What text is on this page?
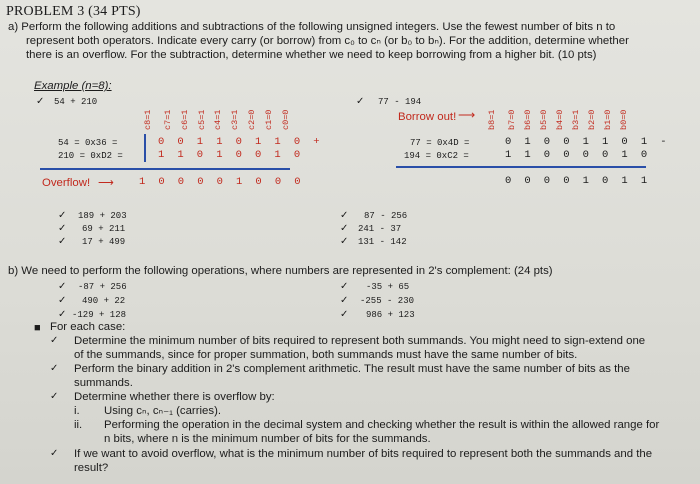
PROBLEM 3 (34 PTS)
a) Perform the following additions and subtractions of the following unsigned integers. Use the fewest number of bits n to
represent both operators. Indicate every carry (or borrow) from c₀ to cₙ (or b₀ to bₙ). For the addition, determine whether
there is an overflow. For the subtraction, determine whether we need to keep borrowing from a higher bit. (10 pts)
Example (n=8):
✓ 54 + 210
c8=1 c7=1 c6=1 c5=1 c4=1 c3=1 c2=0 c1=0 c0=0
54 = 0x36 =	0 0 1 1 0 1 1 0 +
210 = 0xD2 =	1 1 0 1 0 0 1 0
Overflow! ⟶ 1 0 0 0 0 1 0 0 0
✓ 77 - 194
Borrow out! ⟶ b8=1 b7=0 b6=0 b5=0 b4=0 b3=1 b2=0 b1=0 b0=0
77 = 0x4D =	0 1 0 0 1 1 0 1 -
194 = 0xC2 =	1 1 0 0 0 0 1 0
0 0 0 0 1 0 1 1
✓ 189 + 203
✓ 69 + 211
✓ 17 + 499
✓ 87 - 256
✓ 241 - 37
✓ 131 - 142
b) We need to perform the following operations, where numbers are represented in 2's complement: (24 pts)
✓ -87 + 256
✓ 490 + 22
✓ -129 + 128
✓ -35 + 65
✓ -255 - 230
✓ 986 + 123
■ For each case:
✓ Determine the minimum number of bits required to represent both summands. You might need to sign-extend one
of the summands, since for proper summation, both summands must have the same number of bits.
✓ Perform the binary addition in 2's complement arithmetic. The result must have the same number of bits as the
summands.
✓ Determine whether there is overflow by:
i. Using cₙ, cₙ₋₁ (carries).
ii. Performing the operation in the decimal system and checking whether the result is within the allowed range for
n bits, where n is the minimum number of bits for the summands.
✓ If we want to avoid overflow, what is the minimum number of bits required to represent both the summands and the
result?
